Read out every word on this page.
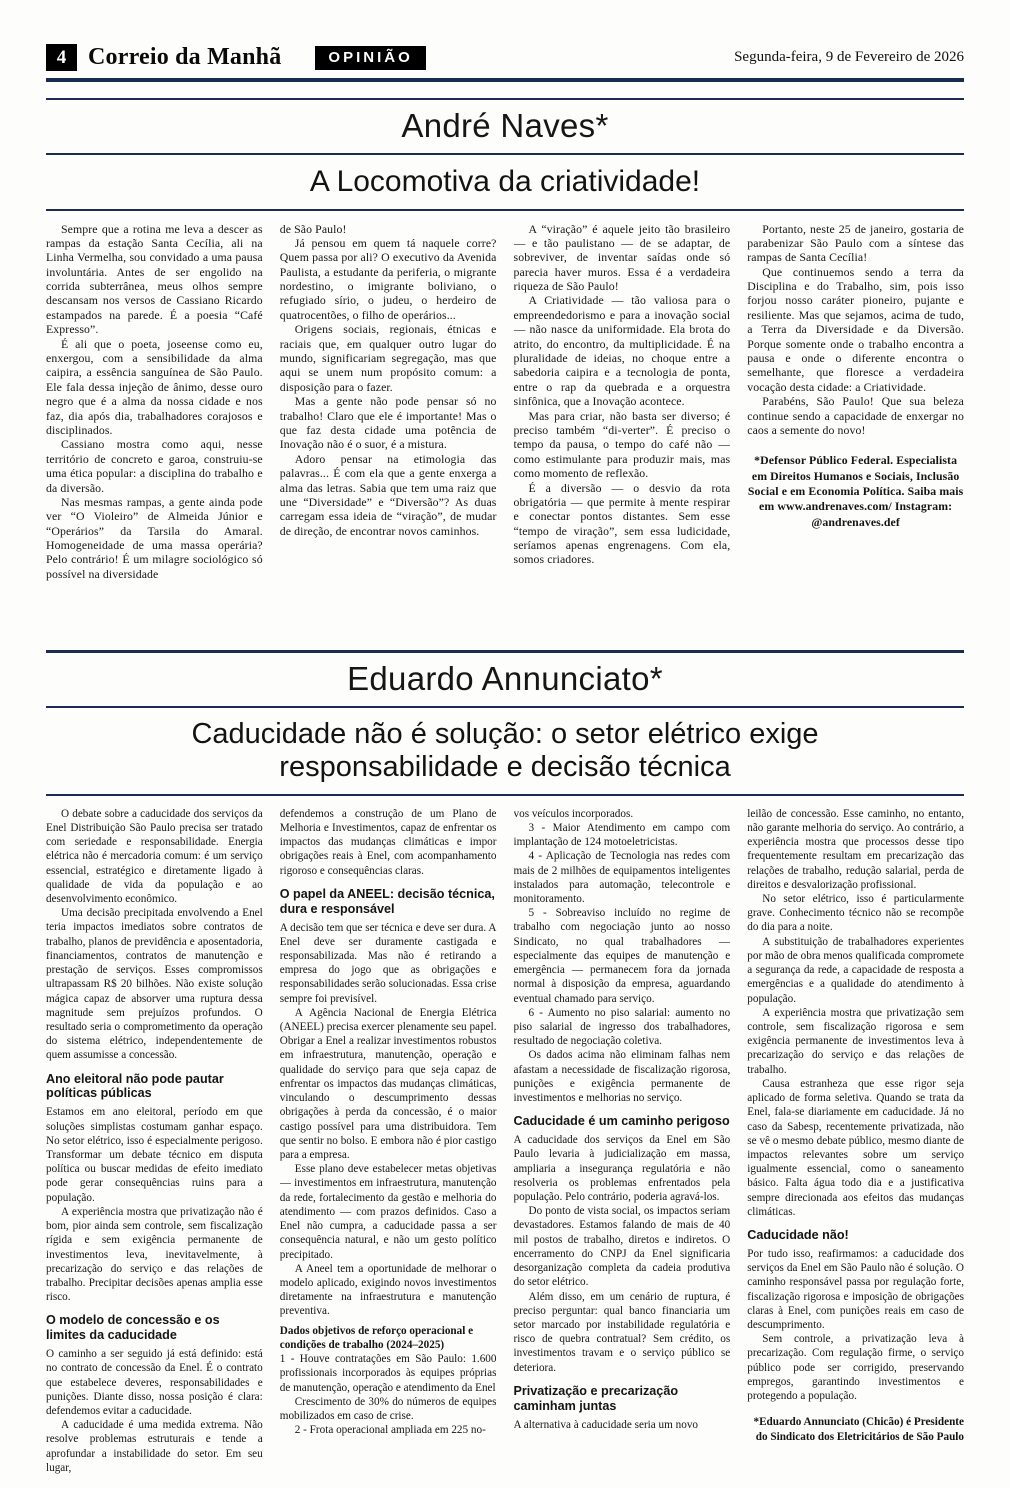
4 Correio da Manhã	OPINIÃO	Segunda-feira, 9 de Fevereiro de 2026
André Naves*
A Locomotiva da criatividade!

Sempre que a rotina me leva a descer as rampas da estação Santa Cecília, ali na Linha Vermelha, sou convidado a uma pausa involuntária. Antes de ser engolido na corrida subterrânea, meus olhos sempre descansam nos versos de Cassiano Ricardo estampados na parede. É a poesia “Café Expresso”.

É ali que o poeta, joseense como eu, enxergou, com a sensibilidade da alma caipira, a essência sanguínea de São Paulo. Ele fala dessa injeção de ânimo, desse ouro negro que é a alma da nossa cidade e nos faz, dia após dia, trabalhadores corajosos e disciplinados.

Cassiano mostra como aqui, nesse território de concreto e garoa, construiu-se uma ética popular: a disciplina do trabalho e da diversão.

Nas mesmas rampas, a gente ainda pode ver “O Violeiro” de Almeida Júnior e “Operários” da Tarsila do Amaral. Homogeneidade de uma massa operária? Pelo contrário! É um milagre sociológico só possível na diversidade

de São Paulo!

Já pensou em quem tá naquele corre? Quem passa por ali? O executivo da Avenida Paulista, a estudante da periferia, o migrante nordestino, o imigrante boliviano, o refugiado sírio, o judeu, o herdeiro de quatrocentões, o filho de operários...

Origens sociais, regionais, étnicas e raciais que, em qualquer outro lugar do mundo, significariam segregação, mas que aqui se unem num propósito comum: a disposição para o fazer.

Mas a gente não pode pensar só no trabalho! Claro que ele é importante! Mas o que faz desta cidade uma potência de Inovação não é o suor, é a mistura.

Adoro pensar na etimologia das palavras... É com ela que a gente enxerga a alma das letras. Sabia que tem uma raiz que une “Diversidade” e “Diversão”? As duas carregam essa ideia de “viração”, de mudar de direção, de encontrar novos caminhos.

A “viração” é aquele jeito tão brasileiro — e tão paulistano — de se adaptar, de sobreviver, de inventar saídas onde só parecia haver muros. Essa é a verdadeira riqueza de São Paulo!

A Criatividade — tão valiosa para o empreendedorismo e para a inovação social — não nasce da uniformidade. Ela brota do atrito, do encontro, da multiplicidade. É na pluralidade de ideias, no choque entre a sabedoria caipira e a tecnologia de ponta, entre o rap da quebrada e a orquestra sinfônica, que a Inovação acontece.

Mas para criar, não basta ser diverso; é preciso também “di-verter”. É preciso o tempo da pausa, o tempo do café não — como estimulante para produzir mais, mas como momento de reflexão.

É a diversão — o desvio da rota obrigatória — que permite à mente respirar e conectar pontos distantes. Sem esse “tempo de viração”, sem essa ludicidade, seríamos apenas engrenagens. Com ela, somos criadores.

Portanto, neste 25 de janeiro, gostaria de parabenizar São Paulo com a síntese das rampas de Santa Cecília!

Que continuemos sendo a terra da Disciplina e do Trabalho, sim, pois isso forjou nosso caráter pioneiro, pujante e resiliente. Mas que sejamos, acima de tudo, a Terra da Diversidade e da Diversão. Porque somente onde o trabalho encontra a pausa e onde o diferente encontra o semelhante, que floresce a verdadeira vocação desta cidade: a Criatividade.

Parabéns, São Paulo! Que sua beleza continue sendo a capacidade de enxergar no caos a semente do novo!

*Defensor Público Federal. Especialista em Direitos Humanos e Sociais, Inclusão Social e em Economia Política. Saiba mais em www.andrenaves.com/ Instagram: @andrenaves.def

Eduardo Annunciato*
Caducidade não é solução: o setor elétrico exige responsabilidade e decisão técnica

O debate sobre a caducidade dos serviços da Enel Distribuição São Paulo precisa ser tratado com seriedade e responsabilidade. Energia elétrica não é mercadoria comum: é um serviço essencial, estratégico e diretamente ligado à qualidade de vida da população e ao desenvolvimento econômico.

Uma decisão precipitada envolvendo a Enel teria impactos imediatos sobre contratos de trabalho, planos de previdência e aposentadoria, financiamentos, contratos de manutenção e prestação de serviços. Esses compromissos ultrapassam R$ 20 bilhões. Não existe solução mágica capaz de absorver uma ruptura dessa magnitude sem prejuízos profundos. O resultado seria o comprometimento da operação do sistema elétrico, independentemente de quem assumisse a concessão.

Ano eleitoral não pode pautar políticas públicas

Estamos em ano eleitoral, período em que soluções simplistas costumam ganhar espaço. No setor elétrico, isso é especialmente perigoso. Transformar um debate técnico em disputa política ou buscar medidas de efeito imediato pode gerar consequências ruins para a população.

A experiência mostra que privatização não é bom, pior ainda sem controle, sem fiscalização rígida e sem exigência permanente de investimentos leva, inevitavelmente, à precarização do serviço e das relações de trabalho. Precipitar decisões apenas amplia esse risco.

O modelo de concessão e os limites da caducidade

O caminho a ser seguido já está definido: está no contrato de concessão da Enel. É o contrato que estabelece deveres, responsabilidades e punições. Diante disso, nossa posição é clara: defendemos evitar a caducidade.

A caducidade é uma medida extrema. Não resolve problemas estruturais e tende a aprofundar a instabilidade do setor. Em seu lugar,

defendemos a construção de um Plano de Melhoria e Investimentos, capaz de enfrentar os impactos das mudanças climáticas e impor obrigações reais à Enel, com acompanhamento rigoroso e consequências claras.

O papel da ANEEL: decisão técnica, dura e responsável

A decisão tem que ser técnica e deve ser dura. A Enel deve ser duramente castigada e responsabilizada. Mas não é retirando a empresa do jogo que as obrigações e responsabilidades serão solucionadas. Essa crise sempre foi previsível.

A Agência Nacional de Energia Elétrica (ANEEL) precisa exercer plenamente seu papel. Obrigar a Enel a realizar investimentos robustos em infraestrutura, manutenção, operação e qualidade do serviço para que seja capaz de enfrentar os impactos das mudanças climáticas, vinculando o descumprimento dessas obrigações à perda da concessão, é o maior castigo possível para uma distribuidora. Tem que sentir no bolso. E embora não é pior castigo para a empresa.

Esse plano deve estabelecer metas objetivas — investimentos em infraestrutura, manutenção da rede, fortalecimento da gestão e melhoria do atendimento — com prazos definidos. Caso a Enel não cumpra, a caducidade passa a ser consequência natural, e não um gesto político precipitado.

A Aneel tem a oportunidade de melhorar o modelo aplicado, exigindo novos investimentos diretamente na infraestrutura e manutenção preventiva.

Dados objetivos de reforço operacional e condições de trabalho (2024–2025)

1 - Houve contratações em São Paulo: 1.600 profissionais incorporados às equipes próprias de manutenção, operação e atendimento da Enel

Crescimento de 30% do números de equipes mobilizados em caso de crise.

2 - Frota operacional ampliada em 225 no-

vos veículos incorporados.

3 - Maior Atendimento em campo com implantação de 124 motoeletricistas.

4 - Aplicação de Tecnologia nas redes com mais de 2 milhões de equipamentos inteligentes instalados para automação, telecontrole e monitoramento.

5 - Sobreaviso incluído no regime de trabalho com negociação junto ao nosso Sindicato, no qual trabalhadores — especialmente das equipes de manutenção e emergência — permanecem fora da jornada normal à disposição da empresa, aguardando eventual chamado para serviço.

6 - Aumento no piso salarial: aumento no piso salarial de ingresso dos trabalhadores, resultado de negociação coletiva.

Os dados acima não eliminam falhas nem afastam a necessidade de fiscalização rigorosa, punições e exigência permanente de investimentos e melhorias no serviço.

Caducidade é um caminho perigoso

A caducidade dos serviços da Enel em São Paulo levaria à judicialização em massa, ampliaria a insegurança regulatória e não resolveria os problemas enfrentados pela população. Pelo contrário, poderia agravá-los.

Do ponto de vista social, os impactos seriam devastadores. Estamos falando de mais de 40 mil postos de trabalho, diretos e indiretos. O encerramento do CNPJ da Enel significaria desorganização completa da cadeia produtiva do setor elétrico.

Além disso, em um cenário de ruptura, é preciso perguntar: qual banco financiaria um setor marcado por instabilidade regulatória e risco de quebra contratual? Sem crédito, os investimentos travam e o serviço público se deteriora.

Privatização e precarização caminham juntas

A alternativa à caducidade seria um novo

leilão de concessão. Esse caminho, no entanto, não garante melhoria do serviço. Ao contrário, a experiência mostra que processos desse tipo frequentemente resultam em precarização das relações de trabalho, redução salarial, perda de direitos e desvalorização profissional.

No setor elétrico, isso é particularmente grave. Conhecimento técnico não se recompõe do dia para a noite.

A substituição de trabalhadores experientes por mão de obra menos qualificada compromete a segurança da rede, a capacidade de resposta a emergências e a qualidade do atendimento à população.

A experiência mostra que privatização sem controle, sem fiscalização rigorosa e sem exigência permanente de investimentos leva à precarização do serviço e das relações de trabalho.

Causa estranheza que esse rigor seja aplicado de forma seletiva. Quando se trata da Enel, fala-se diariamente em caducidade. Já no caso da Sabesp, recentemente privatizada, não se vê o mesmo debate público, mesmo diante de impactos relevantes sobre um serviço igualmente essencial, como o saneamento básico. Falta água todo dia e a justificativa sempre direcionada aos efeitos das mudanças climáticas.

Caducidade não!

Por tudo isso, reafirmamos: a caducidade dos serviços da Enel em São Paulo não é solução. O caminho responsável passa por regulação forte, fiscalização rigorosa e imposição de obrigações claras à Enel, com punições reais em caso de descumprimento.

Sem controle, a privatização leva à precarização. Com regulação firme, o serviço público pode ser corrigido, preservando empregos, garantindo investimentos e protegendo a população.

*Eduardo Annunciato (Chicão) é Presidente do Sindicato dos Eletricitários de São Paulo
